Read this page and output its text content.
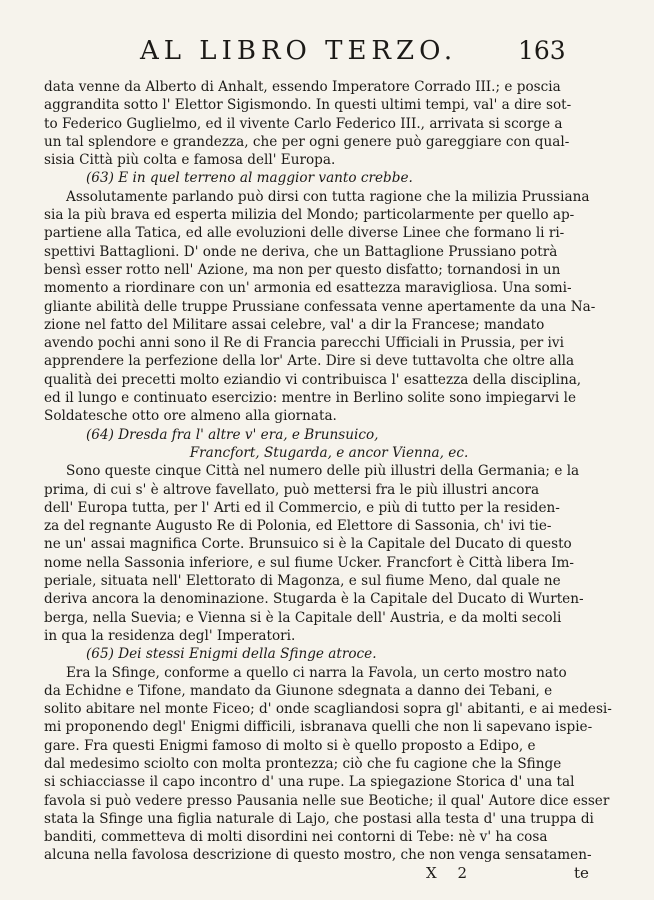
AL LIBRO TERZO. 163
data venne da Alberto di Anhalt, essendo Imperatore Corrado III.; e poscia
aggrandita sotto l' Elettor Sigismondo. In questi ultimi tempi, val' a dire sot-
to Federico Guglielmo, ed il vivente Carlo Federico III., arrivata si scorge a
un tal splendore e grandezza, che per ogni genere può gareggiare con qual-
sisia Città più colta e famosa dell' Europa.
(63) E in quel terreno al maggior vanto crebbe.
Assolutamente parlando può dirsi con tutta ragione che la milizia Prussiana
sia la più brava ed esperta milizia del Mondo; particolarmente per quello ap-
partiene alla Tatica, ed alle evoluzioni delle diverse Linee che formano li ri-
spettivi Battaglioni. D' onde ne deriva, che un Battaglione Prussiano potrà
bensì esser rotto nell' Azione, ma non per questo disfatto; tornandosi in un
momento a riordinare con un' armonia ed esattezza maravigliosa. Una somi-
gliante abilità delle truppe Prussiane confessata venne apertamente da una Na-
zione nel fatto del Militare assai celebre, val' a dir la Francese; mandato
avendo pochi anni sono il Re di Francia parecchi Ufficiali in Prussia, per ivi
apprendere la perfezione della lor' Arte. Dire si deve tuttavolta che oltre alla
qualità dei precetti molto eziandio vi contribuisca l' esattezza della disciplina,
ed il lungo e continuato esercizio: mentre in Berlino solite sono impiegarvi le
Soldatesche otto ore almeno alla giornata.
(64) Dresda fra l' altre v' era, e Brunsuico,
Francfort, Stugarda, e ancor Vienna, ec.
Sono queste cinque Città nel numero delle più illustri della Germania; e la
prima, di cui s' è altrove favellato, può mettersi fra le più illustri ancora
dell' Europa tutta, per l' Arti ed il Commercio, e più di tutto per la residen-
za del regnante Augusto Re di Polonia, ed Elettore di Sassonia, ch' ivi tie-
ne un' assai magnifica Corte. Brunsuico si è la Capitale del Ducato di questo
nome nella Sassonia inferiore, e sul fiume Ucker. Francfort è Città libera Im-
periale, situata nell' Elettorato di Magonza, e sul fiume Meno, dal quale ne
deriva ancora la denominazione. Stugarda è la Capitale del Ducato di Wurten-
berga, nella Suevia; e Vienna si è la Capitale dell' Austria, e da molti secoli
in qua la residenza degl' Imperatori.
(65) Dei stessi Enigmi della Sfinge atroce.
Era la Sfinge, conforme a quello ci narra la Favola, un certo mostro nato
da Echidne e Tifone, mandato da Giunone sdegnata a danno dei Tebani, e
solito abitare nel monte Ficeo; d' onde scagliandosi sopra gl' abitanti, e ai medesi-
mi proponendo degl' Enigmi difficili, isbranava quelli che non li sapevano ispie-
gare. Fra questi Enigmi famoso di molto si è quello proposto a Edipo, e
dal medesimo sciolto con molta prontezza; ciò che fu cagione che la Sfinge
si schiacciasse il capo incontro d' una rupe. La spiegazione Storica d' una tal
favola si può vedere presso Pausania nelle sue Beotiche; il qual' Autore dice esser
stata la Sfinge una figlia naturale di Lajo, che postasi alla testa d' una truppa di
banditi, commetteva di molti disordini nei contorni di Tebe: nè v' ha cosa
alcuna nella favolosa descrizione di questo mostro, che non venga sensatamen-
X 2	te
